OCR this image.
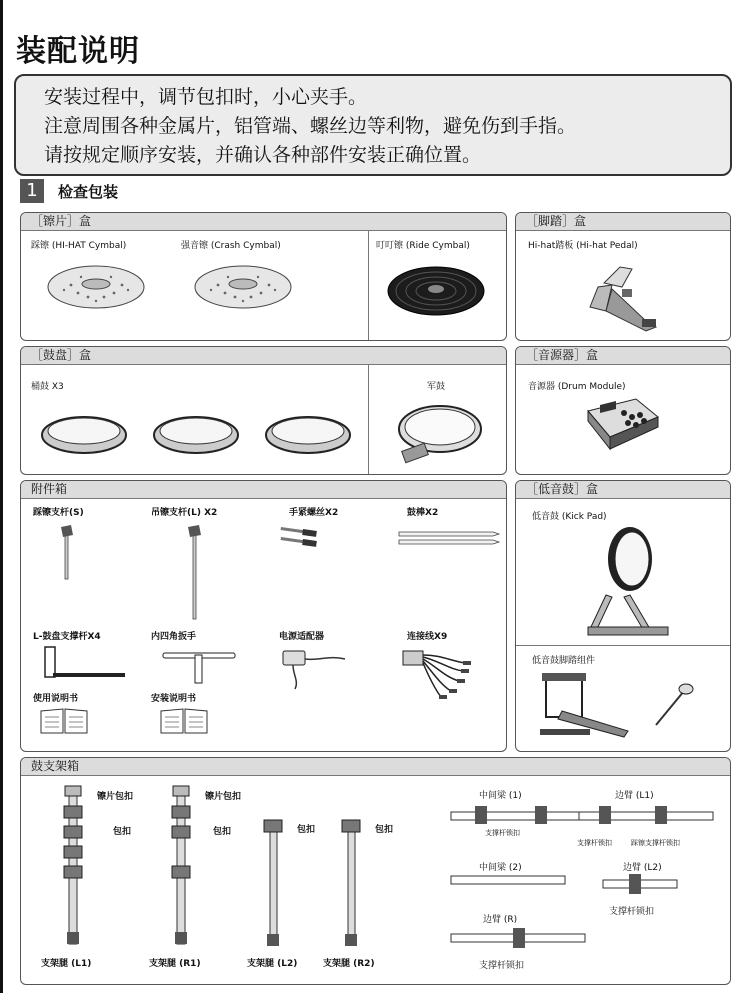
装配说明
安装过程中，调节包扣时，小心夹手。
注意周围各种金属片，铝管端、螺丝边等利物，避免伤到手指。
请按规定顺序安装，并确认各种部件安装正确位置。
1	检查包装
［镲片］盒
踩镲 (HI-HAT Cymbal)	强音镲 (Crash Cymbal)	叮叮镲 (Ride Cymbal)
［脚踏］盒
Hi-hat踏板 (Hi-hat Pedal)
［鼓盘］盒
桶鼓 X3	军鼓
［音源器］盒
音源器 (Drum Module)
附件箱
踩镲支杆(S)	吊镲支杆(L) X2	手紧螺丝X2	鼓棒X2
L-鼓盘支撑杆X4	内四角扳手	电源适配器	连接线X9
使用说明书	安装说明书
［低音鼓］盒
低音鼓 (Kick Pad)
低音鼓脚踏组件
鼓支架箱
镲片包扣
包扣
支架腿 (L1)
镲片包扣
包扣
支架腿 (R1)
包扣
支架腿 (L2)
包扣
支架腿 (R2)
中间梁 (1)
支撑杆锁扣
边臂 (L1)
支撑杆锁扣	踩镲支撑杆锁扣
中间梁 (2)	边臂 (L2)
支撑杆锁扣
边臂 (R)
支撑杆锁扣
